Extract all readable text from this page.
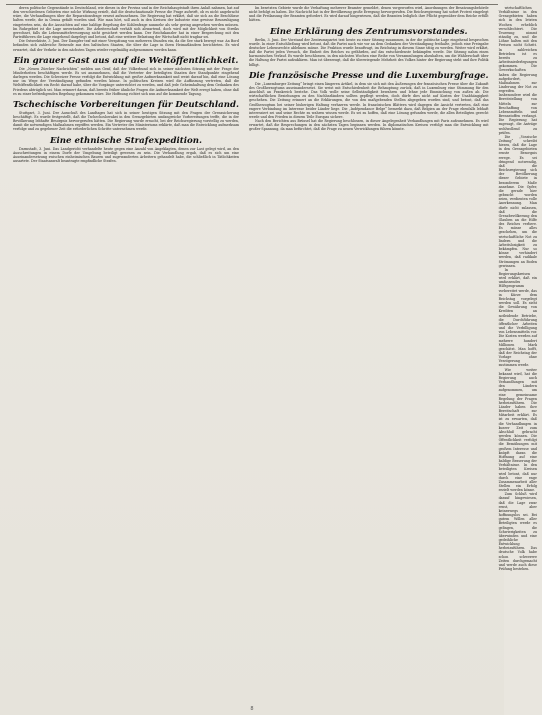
deren politische Gegenstände in Deutschland, wie dieses in der Provinz und in der Reichshauptstadt ihren Anlaß nahmen, hat auf den verschiedenen Gebieten eine solche Wirkung erzielt, daß die deutschnationale Presse die Frage aufwirft, ob es nicht angebracht wäre, die Verhandlungen über die Reparationsfrage erneut aufzunehmen. Die Regierung hat erklärt, daß sie sich an die Beschlüsse halten werde, die in Genua gefaßt worden sind. Wie man hört, soll auch in den Kreisen der Industrie eine gewisse Beunruhigung eingetreten sein, da die Aussichten auf eine baldige Regelung der Kohlenfrage nunmehr als sehr gering angesehen werden müssen. Im Ruhrgebiet ist die Lage unverändert. Die Arbeiterschaft verhält sich abwartend, doch wird mit der Möglichkeit von Streiks gerechnet, falls die Lebensmittelversorgung nicht gesichert werden kann. Der Reichskanzler hat in einer Besprechung mit den Parteiführern die Lage eingehend dargelegt und betont, daß eine weitere Belastung der Wirtschaft nicht tragbar sei.

Die Ostseeküste, 3. Juni. Der Dampfer traf mit einer Verspätung von mehreren Stunden ein, da die See stark bewegt war. An Bord befanden sich zahlreiche Reisende aus den baltischen Staaten, die über die Lage in ihren Heimatländern berichteten. Es wird erwartet, daß der Verkehr in den nächsten Tagen wieder regelmäßig aufgenommen werden kann.

Ein grauer Gast aus auf die Weltöffentlichkeit.

Die „Neuen Zürcher Nachrichten“ melden aus Genf, daß der Völkerbund sich in seiner nächsten Sitzung mit der Frage der Minderheiten beschäftigen werde. Es sei anzunehmen, daß die Vertreter der beteiligten Staaten ihre Standpunkte eingehend darlegen werden. Die Schweizer Presse verfolgt die Entwicklung mit großer Aufmerksamkeit und weist darauf hin, daß eine Lösung nur im Wege der Verständigung gefunden werden könne. In politischen Kreisen wird die Auffassung vertreten, daß die Weltöffentlichkeit ein Recht darauf habe, über die Vorgänge unterrichtet zu werden, und daß jede Geheimhaltung dem Gedanken des Friedens abträglich sei. Man erinnert daran, daß bereits früher ähnliche Fragen die Aufmerksamkeit der Welt erregt haben, ohne daß es zu einer befriedigenden Regelung gekommen wäre. Die Hoffnung richtet sich nun auf die kommende Tagung.

Tschechische Vorbereitungen für Deutschland.

Stuttgart, 3. Juni. Der Ausschuß des Landtages hat sich in seiner heutigen Sitzung mit den Fragen der Grenzsicherung beschäftigt. Es wurde festgestellt, daß die Tschechoslowakei in den Grenzgebieten umfangreiche Vorbereitungen treffe, die in der Bevölkerung lebhafte Besorgnis hervorgerufen hätten. Die Regierung wurde ersucht, bei der Reichsregierung vorstellig zu werden, damit die notwendigen Maßnahmen ergriffen werden. Ein Vertreter des Ministeriums erklärte, daß man die Entwicklung aufmerksam verfolge und zu gegebener Zeit die erforderlichen Schritte unternehmen werde.

Eine ethnische Strafexpedition.

Darmstadt, 3. Juni. Das Landgericht verhandelte heute gegen eine Anzahl von Angeklagten, denen zur Last gelegt wird, an den Ausschreitungen in einem Dorfe der Umgebung beteiligt gewesen zu sein. Die Verhandlung ergab, daß es sich um eine Auseinandersetzung zwischen einheimischen Bauern und zugewanderten Arbeitern gehandelt habe, die schließlich in Tätlichkeiten ausartete. Der Staatsanwalt beantragte empfindliche Strafen.

Im besetzten Gebiete wurde die Verhaftung mehrerer Beamter gemeldet, denen vorgeworfen wird, Anordnungen der Besatzungsbehörde nicht befolgt zu haben. Die Nachricht hat in der Bevölkerung große Erregung hervorgerufen. Die Reichsregierung hat sofort Protest eingelegt und die Freilassung der Beamten gefordert. Es wird darauf hingewiesen, daß die Beamten lediglich ihre Pflicht gegenüber dem Reiche erfüllt hätten.

Eine Erklärung des Zentrumsvorstandes.

Berlin, 3. Juni. Der Vorstand der Zentrumspartei trat heute zu einer Sitzung zusammen, in der die politische Lage eingehend besprochen wurde. In einer Entschließung wird betont, daß die Partei nach wie vor an dem Gedanken der Verständigung festhalte, jedoch eine Preisgabe deutscher Lebensrechte ablehnen müsse. Die Fraktion wurde beauftragt, im Reichstag in diesem Sinne tätig zu werden. Weiter wird erklärt, daß die Partei jeden Versuch, die Einheit des Reiches zu gefährden, auf das entschiedenste bekämpfen werde. Die Sitzung nahm einen harmonischen Verlauf. Es wurde beschlossen, in den nächsten Wochen eine Reihe von Versammlungen abzuhalten, um die Wählerschaft über die Haltung der Partei aufzuklären. Man ist überzeugt, daß die überwiegende Mehrheit des Volkes hinter der Regierung steht und ihre Politik billigt.

Die französische Presse und die Luxemburgfrage.

Die „Luxemburger Zeitung“ bringt einen längeren Artikel, in dem sie sich mit den Äußerungen der französischen Presse über die Zukunft des Großherzogtums auseinandersetzt. Sie weist mit Entschiedenheit die Behauptung zurück, daß in Luxemburg eine Stimmung für den Anschluß an Frankreich bestehe. Das Volk wolle seine Selbständigkeit bewahren und lehne jede Einmischung von außen ab. Die wirtschaftlichen Beziehungen zu den Nachbarländern sollten gepflegt werden, doch dürfe dies nicht auf Kosten der Unabhängigkeit geschehen. Die Zeitung erinnert an die Erklärungen, die von den maßgebenden Stellen abgegeben worden sind, und betont, daß das Großherzogtum bei seiner bisherigen Haltung verharren werde. In französischen Blättern wird dagegen die Ansicht vertreten, daß eine engere Verbindung im Interesse beider Länder liege. Die „Indépendance Belge“ bemerkt dazu, daß Belgien an der Frage ebenfalls lebhaft interessiert sei und seine Rechte zu wahren wissen werde. Es sei zu hoffen, daß eine Lösung gefunden werde, die allen Beteiligten gerecht werde und den Frieden in diesem Teile Europas sichere.

Nach den Berichten aus Brüssel hat die Regierung beschlossen, in dieser Angelegenheit Verhandlungen mit Paris aufzunehmen. Es wird erwartet, daß die Besprechungen in den nächsten Tagen beginnen werden. In diplomatischen Kreisen verfolgt man die Entwicklung mit großer Spannung, da man befürchtet, daß die Frage zu neuen Verwicklungen führen könnte.

wirtschaftlichen Verhältnisse in den Grenzgebieten haben sich in den letzten Wochen erheblich verschlechtert. Die Teuerung nimmt ständig zu, und die Löhne halten mit den Preisen nicht Schritt. In zahlreichen Betrieben ist es bereits zu Arbeitsniederlegungen gekommen. Die Gewerkschaften haben die Regierung aufgefordert, Maßnahmen zur Linderung der Not zu ergreifen. Insbesondere wird die Bereitstellung von Mitteln zur Beschaffung von Lebensmitteln und Brennstoffen verlangt. Die Regierung hat zugesagt, die Anträge wohlwollend zu prüfen.

Die „Vossische Zeitung“ schreibt hierzu, daß die Lage in den Grenzgebieten ernste Besorgnis errege. Es sei dringend notwendig, daß die Reichsregierung sich der Bevölkerung dieser Gebiete in besonderem Maße annehme. Die Opfer, die gerade hier gebracht worden seien, verdienten volle Anerkennung. Man dürfe nicht zulassen, daß die Grenzbevölkerung den Glauben an die Hilfe des Reiches verliere. Es müsse alles geschehen, um die wirtschaftliche Not zu lindern und die Arbeitslosigkeit zu bekämpfen. Nur so könne verhindert werden, daß radikale Strömungen an Boden gewinnen.

In Regierungskreisen wird erklärt, daß ein umfassendes Hilfsprogramm vorbereitet werde, das in Kürze dem Reichstag vorgelegt werden soll. Es sieht die Gewährung von Krediten an notleidende Betriebe, die Durchführung öffentlicher Arbeiten und die Verbilligung von Lebensmitteln vor. Die Kosten werden auf mehrere hundert Millionen Mark geschätzt. Man hofft, daß der Reichstag der Vorlage ohne Verzögerung zustimmen werde.

Wie weiter bekannt wird, hat die Regierung auch Verhandlungen mit den Ländern aufgenommen, um eine gemeinsame Regelung der Fragen herbeizuführen. Die Länder haben ihre Bereitschaft zur Mitarbeit erklärt. Es ist zu erwarten, daß die Verhandlungen in kurzer Zeit zum Abschluß gebracht werden können. Die Öffentlichkeit verfolgt die Bemühungen mit großem Interesse und knüpft daran die Hoffnung auf eine baldige Besserung der Verhältnisse. In den beteiligten Kreisen wird betont, daß nur durch eine enge Zusammenarbeit aller Stellen ein Erfolg erzielt werden könne.

Zum Schluß wird darauf hingewiesen, daß die Lage zwar ernst, aber keineswegs hoffnungslos sei. Bei gutem Willen aller Beteiligten werde es gelingen, die Schwierigkeiten zu überwinden und eine gedeihliche Entwicklung herbeizuführen. Das deutsche Volk habe schon schwerere Zeiten durchgemacht und werde auch diese Prüfung bestehen.

8
